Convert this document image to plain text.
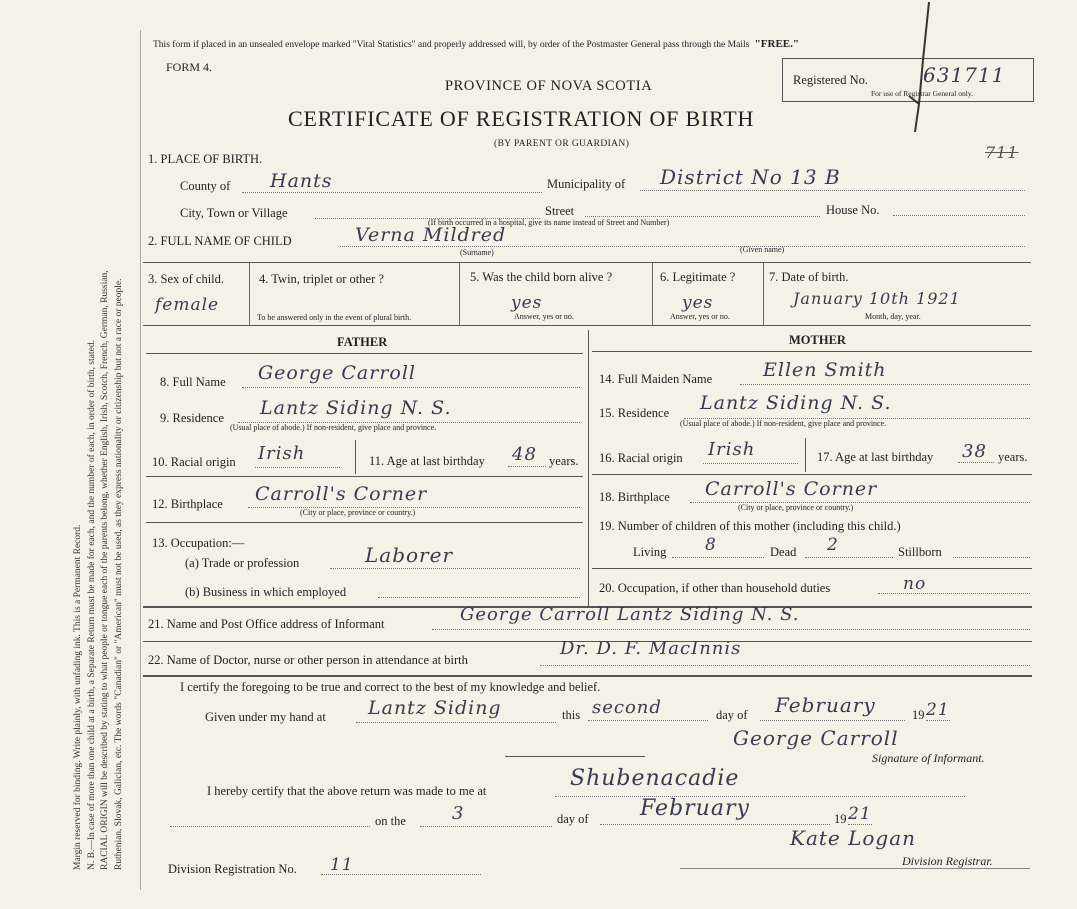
Margin reserved for binding. Write plainly, with unfading ink. This is a Permanent Record. N. B.—In case of more than one child at a birth, a Separate Return must be made for each, and the number of each, in order of birth, stated. RACIAL ORIGIN will be described by stating to what people or tongue each of the parents belong, whether English, Irish, Scotch, French, German, Russian, Ruthenian, Slovak, Galician, etc. The words "Canadian" or "American" must not be used, as they express nationality or citizenship but not a race or people.
This form if placed in an unsealed envelope marked "Vital Statistics" and properly addressed will, by order of the Postmaster General pass through the Mails "FREE."
FORM 4.
PROVINCE OF NOVA SCOTIA
CERTIFICATE OF REGISTRATION OF BIRTH
(BY PARENT OR GUARDIAN)
Registered No.	631711
For use of Registrar General only.
711
1. PLACE OF BIRTH.
County of Hants	Municipality of District No 13 B
City, Town or Village	Street	House No.
(If birth occurred in a hospital, give its name instead of Street and Number)
2. FULL NAME OF CHILD	Verna Mildred
(Surname)	(Given name)
3. Sex of child.
female
4. Twin, triplet or other ?
To be answered only in the event of plural birth.
5. Was the child born alive ?
yes
Answer, yes or no.
6. Legitimate ?
yes
Answer, yes or no.
7. Date of birth.
January 10th 1921
Month, day, year.
FATHER	MOTHER
8. Full Name George Carroll
9. Residence Lantz Siding N. S.
(Usual place of abode.) If non-resident, give place and province.
10. Racial origin Irish	11. Age at last birthday 48 years.
12. Birthplace Carroll's Corner
(City or place, province or country.)
13. Occupation:—
(a) Trade or profession	Laborer
(b) Business in which employed
14. Full Maiden Name	Ellen Smith
15. Residence Lantz Siding N. S.
(Usual place of abode.) If non-resident, give place and province.
16. Racial origin Irish	17. Age at last birthday 38 years.
18. Birthplace Carroll's Corner
(City or place, province or country.)
19. Number of children of this mother (including this child.)
Living 8	Dead 2	Stillborn
20. Occupation, if other than household duties	no
21. Name and Post Office address of Informant	George Carroll Lantz Siding N. S.
22. Name of Doctor, nurse or other person in attendance at birth
Dr. D. F. MacInnis
I certify the foregoing to be true and correct to the best of my knowledge and belief.
Given under my hand at Lantz Siding	this second	day of February	19 21
George Carroll
Signature of Informant.
I hereby certify that the above return was made to me at	Shubenacadie
on the	3	day of February	19 21
Kate Logan
Division Registrar.
Division Registration No. 11
